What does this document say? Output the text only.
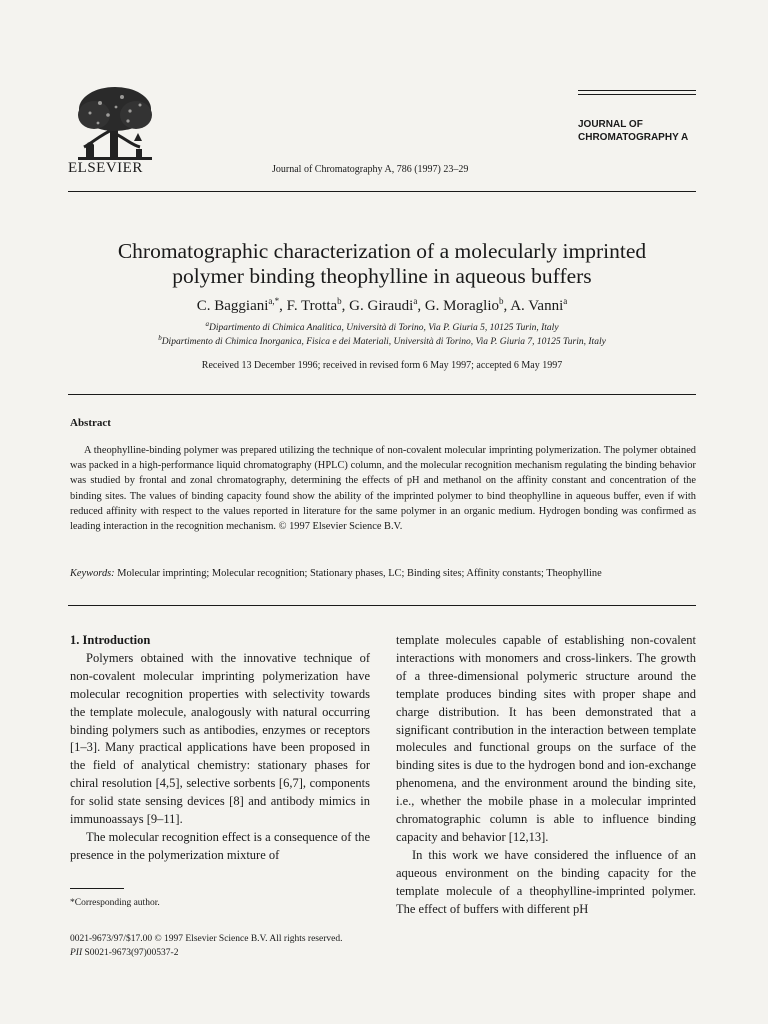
ELSEVIER	Journal of Chromatography A, 786 (1997) 23–29
JOURNAL OF
CHROMATOGRAPHY A
Chromatographic characterization of a molecularly imprinted
polymer binding theophylline in aqueous buffers
C. Baggiani$^{a,*}$, F. Trotta$^b$, G. Giraudi$^a$, G. Moraglio$^b$, A. Vanni$^a$
$^a$Dipartimento di Chimica Analitica, Università di Torino, Via P. Giuria 5, 10125 Turin, Italy
$^b$Dipartimento di Chimica Inorganica, Fisica e dei Materiali, Università di Torino, Via P. Giuria 7, 10125 Turin, Italy
Received 13 December 1996; received in revised form 6 May 1997; accepted 6 May 1997
Abstract
A theophylline-binding polymer was prepared utilizing the technique of non-covalent molecular imprinting polymerization. The polymer obtained was packed in a high-performance liquid chromatography (HPLC) column, and the molecular recognition mechanism regulating the binding behavior was studied by frontal and zonal chromatography, determining the effects of pH and methanol on the affinity constant and concentration of the binding sites. The values of binding capacity found show the ability of the imprinted polymer to bind theophylline in aqueous buffer, even if with reduced affinity with respect to the values reported in literature for the same polymer in an organic medium. Hydrogen bonding was confirmed as leading interaction in the recognition mechanism. © 1997 Elsevier Science B.V.
Keywords: Molecular imprinting; Molecular recognition; Stationary phases, LC; Binding sites; Affinity constants; Theophylline

1. Introduction

Polymers obtained with the innovative technique of non-covalent molecular imprinting polymerization have molecular recognition properties with selectivity towards the template molecule, analogously with natural occurring binding polymers such as antibodies, enzymes or receptors [1–3]. Many practical applications have been proposed in the field of analytical chemistry: stationary phases for chiral resolution [4,5], selective sorbents [6,7], components for solid state sensing devices [8] and antibody mimics in immunoassays [9–11].

The molecular recognition effect is a consequence of the presence in the polymerization mixture of

template molecules capable of establishing non-covalent interactions with monomers and cross-linkers. The growth of a three-dimensional polymeric structure around the template produces binding sites with proper shape and charge distribution. It has been demonstrated that a significant contribution in the interaction between template molecules and functional groups on the surface of the binding sites is due to the hydrogen bond and ion-exchange phenomena, and the environment around the binding site, i.e., whether the mobile phase in a molecular imprinted chromatographic column is able to influence binding capacity and behavior [12,13].

In this work we have considered the influence of an aqueous environment on the binding capacity for the template molecule of a theophylline-imprinted polymer. The effect of buffers with different pH

*Corresponding author.
0021-9673/97/$17.00 © 1997 Elsevier Science B.V. All rights reserved.
PII S0021-9673(97)00537-2
